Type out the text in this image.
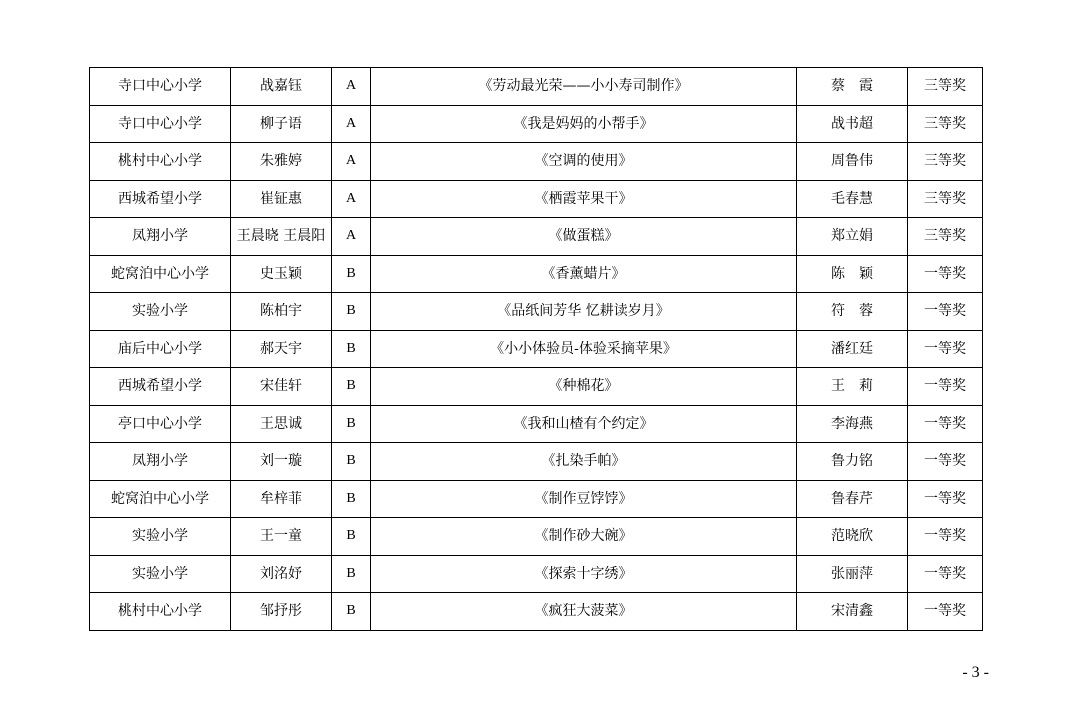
寺口中心小学	战嘉钰	A	《劳动最光荣——小小寿司制作》	蔡　霞	三等奖
寺口中心小学	柳子语	A	《我是妈妈的小帮手》	战书超	三等奖
桃村中心小学	朱雅婷	A	《空调的使用》	周鲁伟	三等奖
西城希望小学	崔钲惠	A	《栖霞苹果干》	毛春慧	三等奖
凤翔小学	王晨晓 王晨阳	A	《做蛋糕》	郑立娟	三等奖
蛇窝泊中心小学	史玉颖	B	《香薰蜡片》	陈　颖	一等奖
实验小学	陈柏宇	B	《品纸间芳华 忆耕读岁月》	符　蓉	一等奖
庙后中心小学	郝天宇	B	《小小体验员-体验采摘苹果》	潘红廷	一等奖
西城希望小学	宋佳轩	B	《种棉花》	王　莉	一等奖
亭口中心小学	王思诚	B	《我和山楂有个约定》	李海燕	一等奖
凤翔小学	刘一璇	B	《扎染手帕》	鲁力铭	一等奖
蛇窝泊中心小学	牟梓菲	B	《制作豆饽饽》	鲁春芹	一等奖
实验小学	王一童	B	《制作砂大碗》	范晓欣	一等奖
实验小学	刘洺妤	B	《探索十字绣》	张丽萍	一等奖
桃村中心小学	邹抒彤	B	《疯狂大菠菜》	宋清鑫	一等奖
- 3 -
